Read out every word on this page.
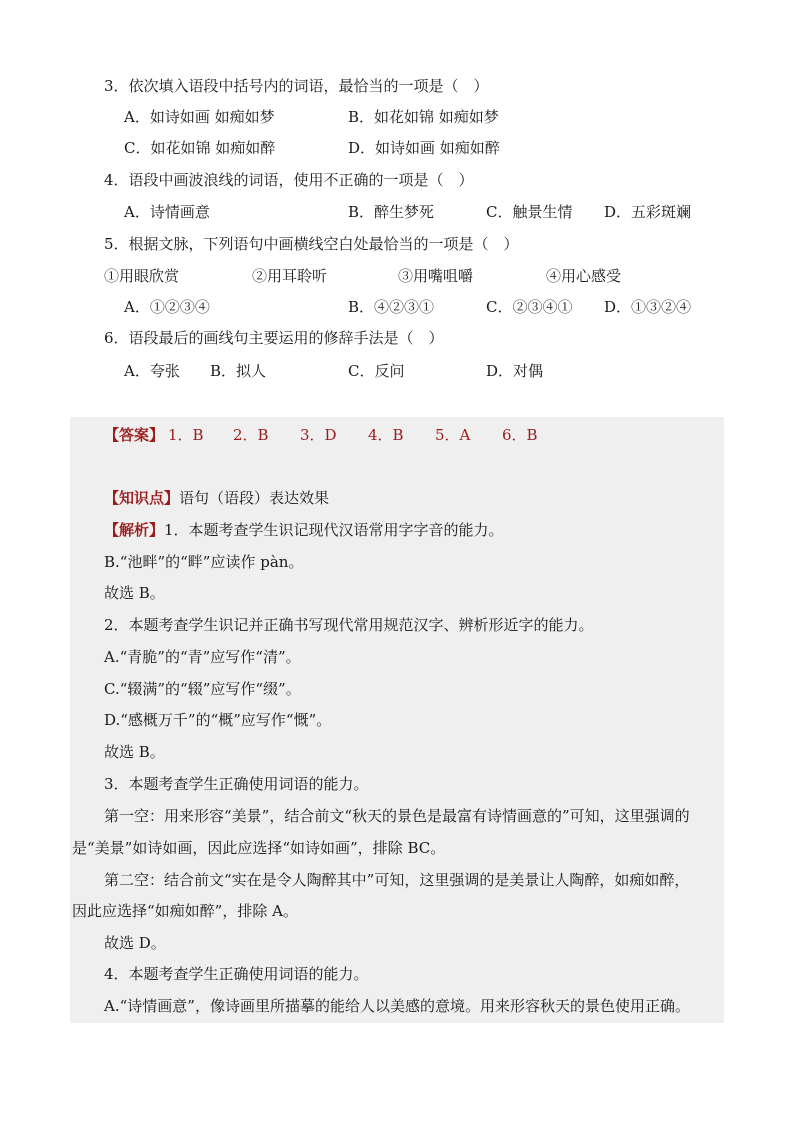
3．依次填入语段中括号内的词语，最恰当的一项是（　）
A．如诗如画 如痴如梦	B．如花如锦 如痴如梦
C．如花如锦 如痴如醉	D．如诗如画 如痴如醉
4．语段中画波浪线的词语，使用不正确的一项是（　）
A．诗情画意	B．醉生梦死	C．触景生情 D．五彩斑斓
5．根据文脉，下列语句中画横线空白处最恰当的一项是（　）
①用眼欣赏	②用耳聆听	③用嘴咀嚼	④用心感受
A．①②③④	B．④②③①	C．②③④① D．①③②④
6．语段最后的画线句主要运用的修辞手法是（　）
A．夸张 B．拟人	C．反问	D．对偶
【答案】 1．B 2．B 3．D 4．B 5．A 6．B
【知识点】语句（语段）表达效果
【解析】1．本题考查学生识记现代汉语常用字字音的能力。
B.“池畔”的“畔”应读作 pàn。
故选 B。
2．本题考查学生识记并正确书写现代常用规范汉字、辨析形近字的能力。
A.“青脆”的“青”应写作“清”。
C.“辍满”的“辍”应写作“缀”。
D.“感概万千”的“概”应写作“慨”。
故选 B。
3．本题考查学生正确使用词语的能力。
第一空：用来形容“美景”，结合前文“秋天的景色是最富有诗情画意的”可知，这里强调的
是“美景”如诗如画，因此应选择“如诗如画”，排除 BC。
第二空：结合前文“实在是令人陶醉其中”可知，这里强调的是美景让人陶醉，如痴如醉，
因此应选择“如痴如醉”，排除 A。
故选 D。
4．本题考查学生正确使用词语的能力。
A.“诗情画意”，像诗画里所描摹的能给人以美感的意境。用来形容秋天的景色使用正确。
